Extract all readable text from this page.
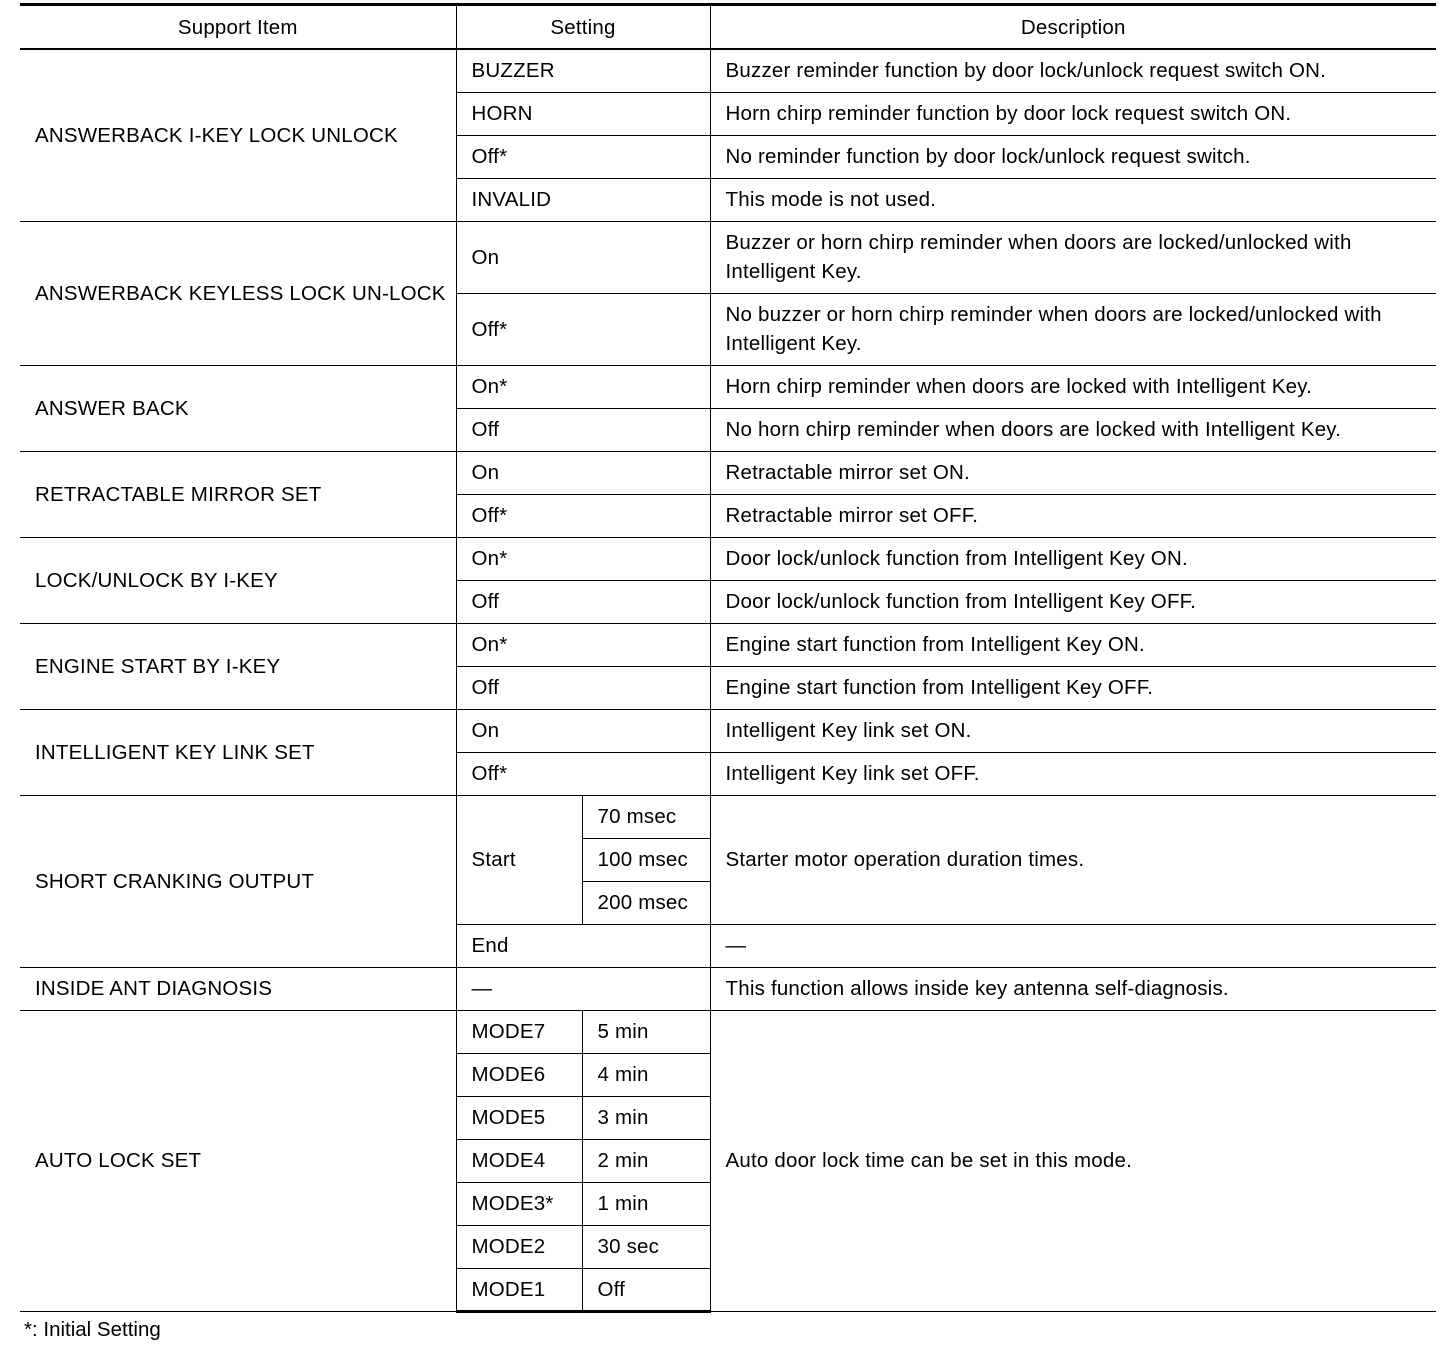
Support Item	Setting		Description
ANSWERBACK I-KEY LOCK UNLOCK	BUZZER		Buzzer reminder function by door lock/unlock request switch ON.
	HORN		Horn chirp reminder function by door lock request switch ON.
	Off*		No reminder function by door lock/unlock request switch.
	INVALID		This mode is not used.
ANSWERBACK KEYLESS LOCK UN-LOCK	On		Buzzer or horn chirp reminder when doors are locked/unlocked with Intelligent Key.
	Off*		No buzzer or horn chirp reminder when doors are locked/unlocked with Intelligent Key.
ANSWER BACK	On*		Horn chirp reminder when doors are locked with Intelligent Key.
	Off		No horn chirp reminder when doors are locked with Intelligent Key.
RETRACTABLE MIRROR SET	On		Retractable mirror set ON.
	Off*		Retractable mirror set OFF.
LOCK/UNLOCK BY I-KEY	On*		Door lock/unlock function from Intelligent Key ON.
	Off		Door lock/unlock function from Intelligent Key OFF.
ENGINE START BY I-KEY	On*		Engine start function from Intelligent Key ON.
	Off		Engine start function from Intelligent Key OFF.
INTELLIGENT KEY LINK SET	On		Intelligent Key link set ON.
	Off*		Intelligent Key link set OFF.
SHORT CRANKING OUTPUT	Start	70 msec	Starter motor operation duration times.
		100 msec	
		200 msec	
	End		—
INSIDE ANT DIAGNOSIS	—		This function allows inside key antenna self-diagnosis.
AUTO LOCK SET	MODE7	5 min	Auto door lock time can be set in this mode.
	MODE6	4 min	
	MODE5	3 min	
	MODE4	2 min	
	MODE3*	1 min	
	MODE2	30 sec	
	MODE1	Off	
*: Initial Setting
